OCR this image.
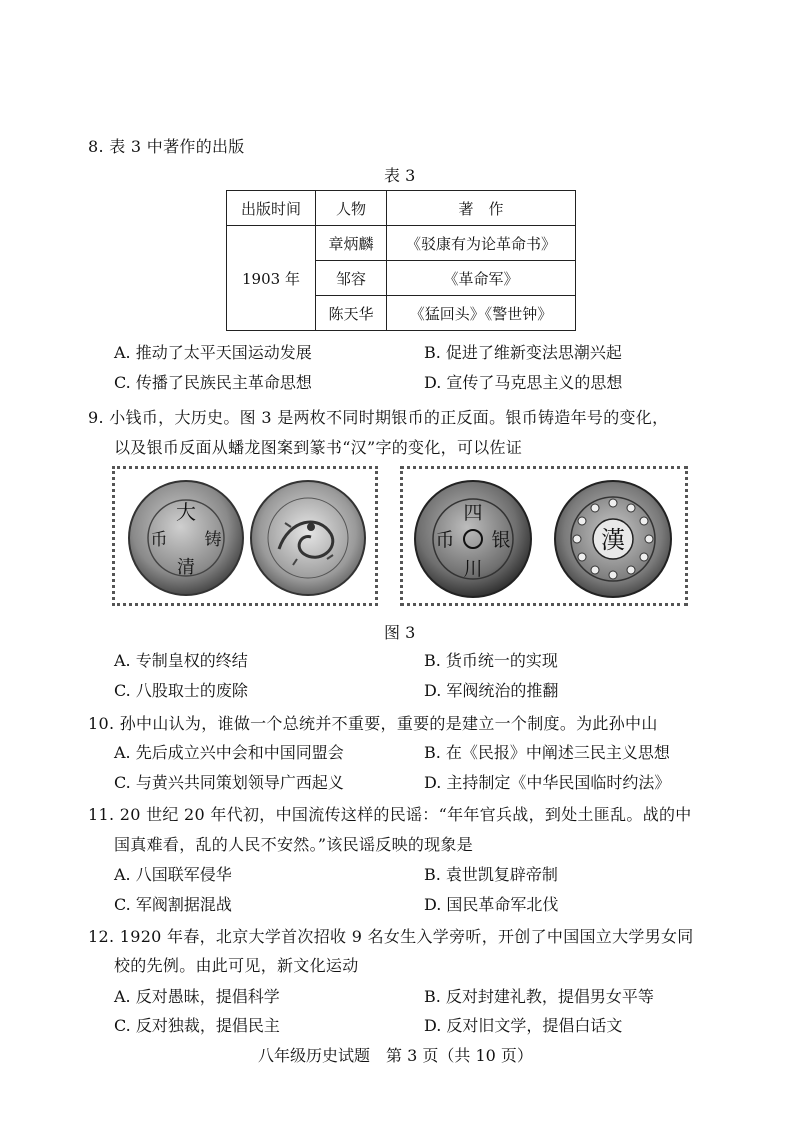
8. 表 3 中著作的出版
表 3
出版时间	人物	著　作
1903 年	章炳麟	《驳康有为论革命书》
	邹容	《革命军》
	陈天华	《猛回头》《警世钟》
A. 推动了太平天国运动发展	B. 促进了维新变法思潮兴起
C. 传播了民族民主革命思想	D. 宣传了马克思主义的思想
9. 小钱币，大历史。图 3 是两枚不同时期银币的正反面。银币铸造年号的变化，
以及银币反面从蟠龙图案到篆书“汉”字的变化，可以佐证
大
清
铸
币
四
川
银
币	漢
图 3
A. 专制皇权的终结	B. 货币统一的实现
C. 八股取士的废除	D. 军阀统治的推翻
10. 孙中山认为，谁做一个总统并不重要，重要的是建立一个制度。为此孙中山
A. 先后成立兴中会和中国同盟会	B. 在《民报》中阐述三民主义思想
C. 与黄兴共同策划领导广西起义	D. 主持制定《中华民国临时约法》
11. 20 世纪 20 年代初，中国流传这样的民谣：“年年官兵战，到处土匪乱。战的中
国真难看，乱的人民不安然。”该民谣反映的现象是
A. 八国联军侵华	B. 袁世凯复辟帝制
C. 军阀割据混战	D. 国民革命军北伐
12. 1920 年春，北京大学首次招收 9 名女生入学旁听，开创了中国国立大学男女同
校的先例。由此可见，新文化运动
A. 反对愚昧，提倡科学	B. 反对封建礼教，提倡男女平等
C. 反对独裁，提倡民主	D. 反对旧文学，提倡白话文
八年级历史试题　第 3 页（共 10 页）
